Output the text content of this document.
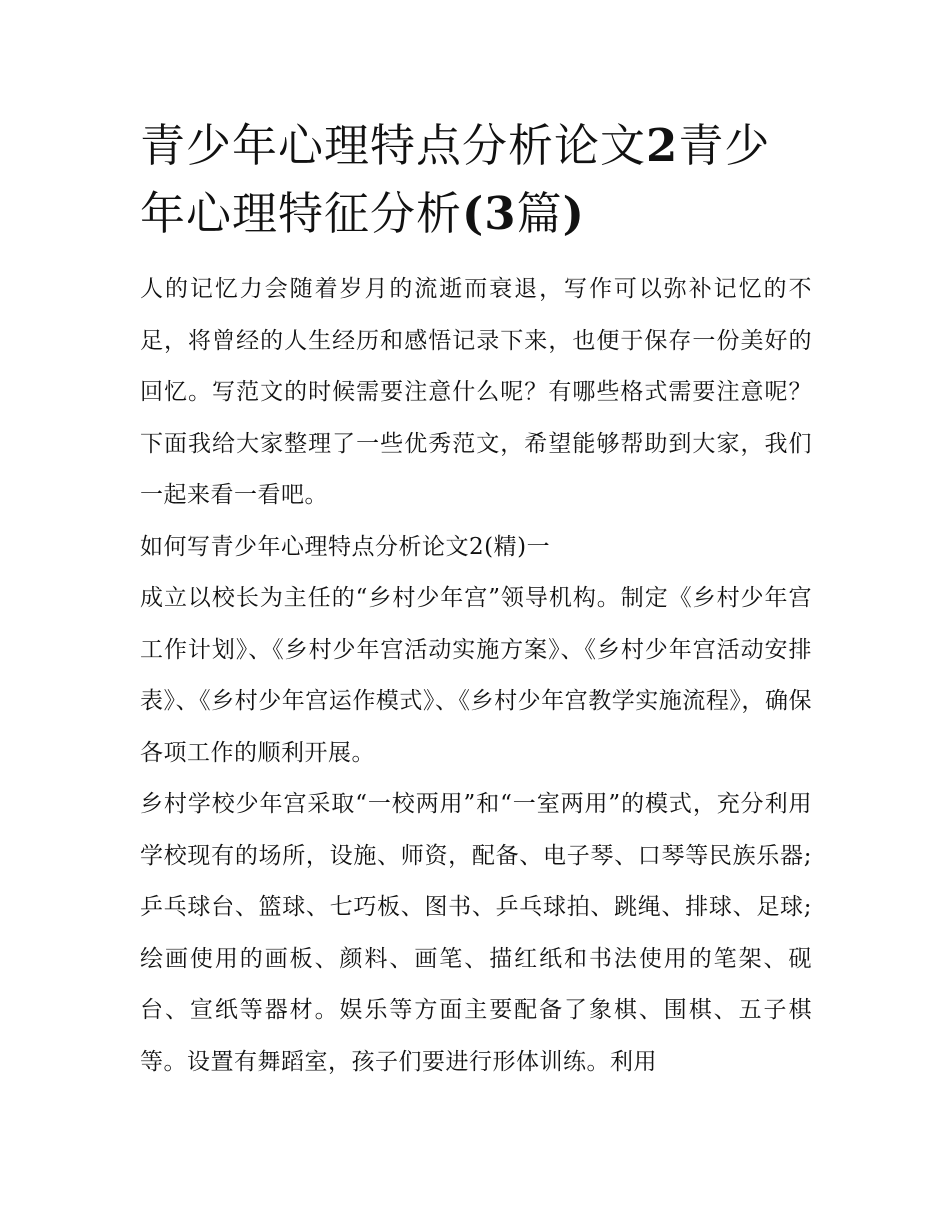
青少年心理特点分析论文2青少年心理特征分析(3篇)

人的记忆力会随着岁月的流逝而衰退，写作可以弥补记忆的不足，将曾经的人生经历和感悟记录下来，也便于保存一份美好的回忆。写范文的时候需要注意什么呢？有哪些格式需要注意呢？下面我给大家整理了一些优秀范文，希望能够帮助到大家，我们一起来看一看吧。

如何写青少年心理特点分析论文2(精)一

成立以校长为主任的“乡村少年宫”领导机构。制定《乡村少年宫工作计划》、《乡村少年宫活动实施方案》、《乡村少年宫活动安排表》、《乡村少年宫运作模式》、《乡村少年宫教学实施流程》，确保各项工作的顺利开展。

乡村学校少年宫采取“一校两用”和“一室两用”的模式，充分利用学校现有的场所，设施、师资，配备、电子琴、口琴等民族乐器;乒乓球台、篮球、七巧板、图书、乒乓球拍、跳绳、排球、足球;绘画使用的画板、颜料、画笔、描红纸和书法使用的笔架、砚台、宣纸等器材。娱乐等方面主要配备了象棋、围棋、五子棋等。设置有舞蹈室，孩子们要进行形体训练。利用
